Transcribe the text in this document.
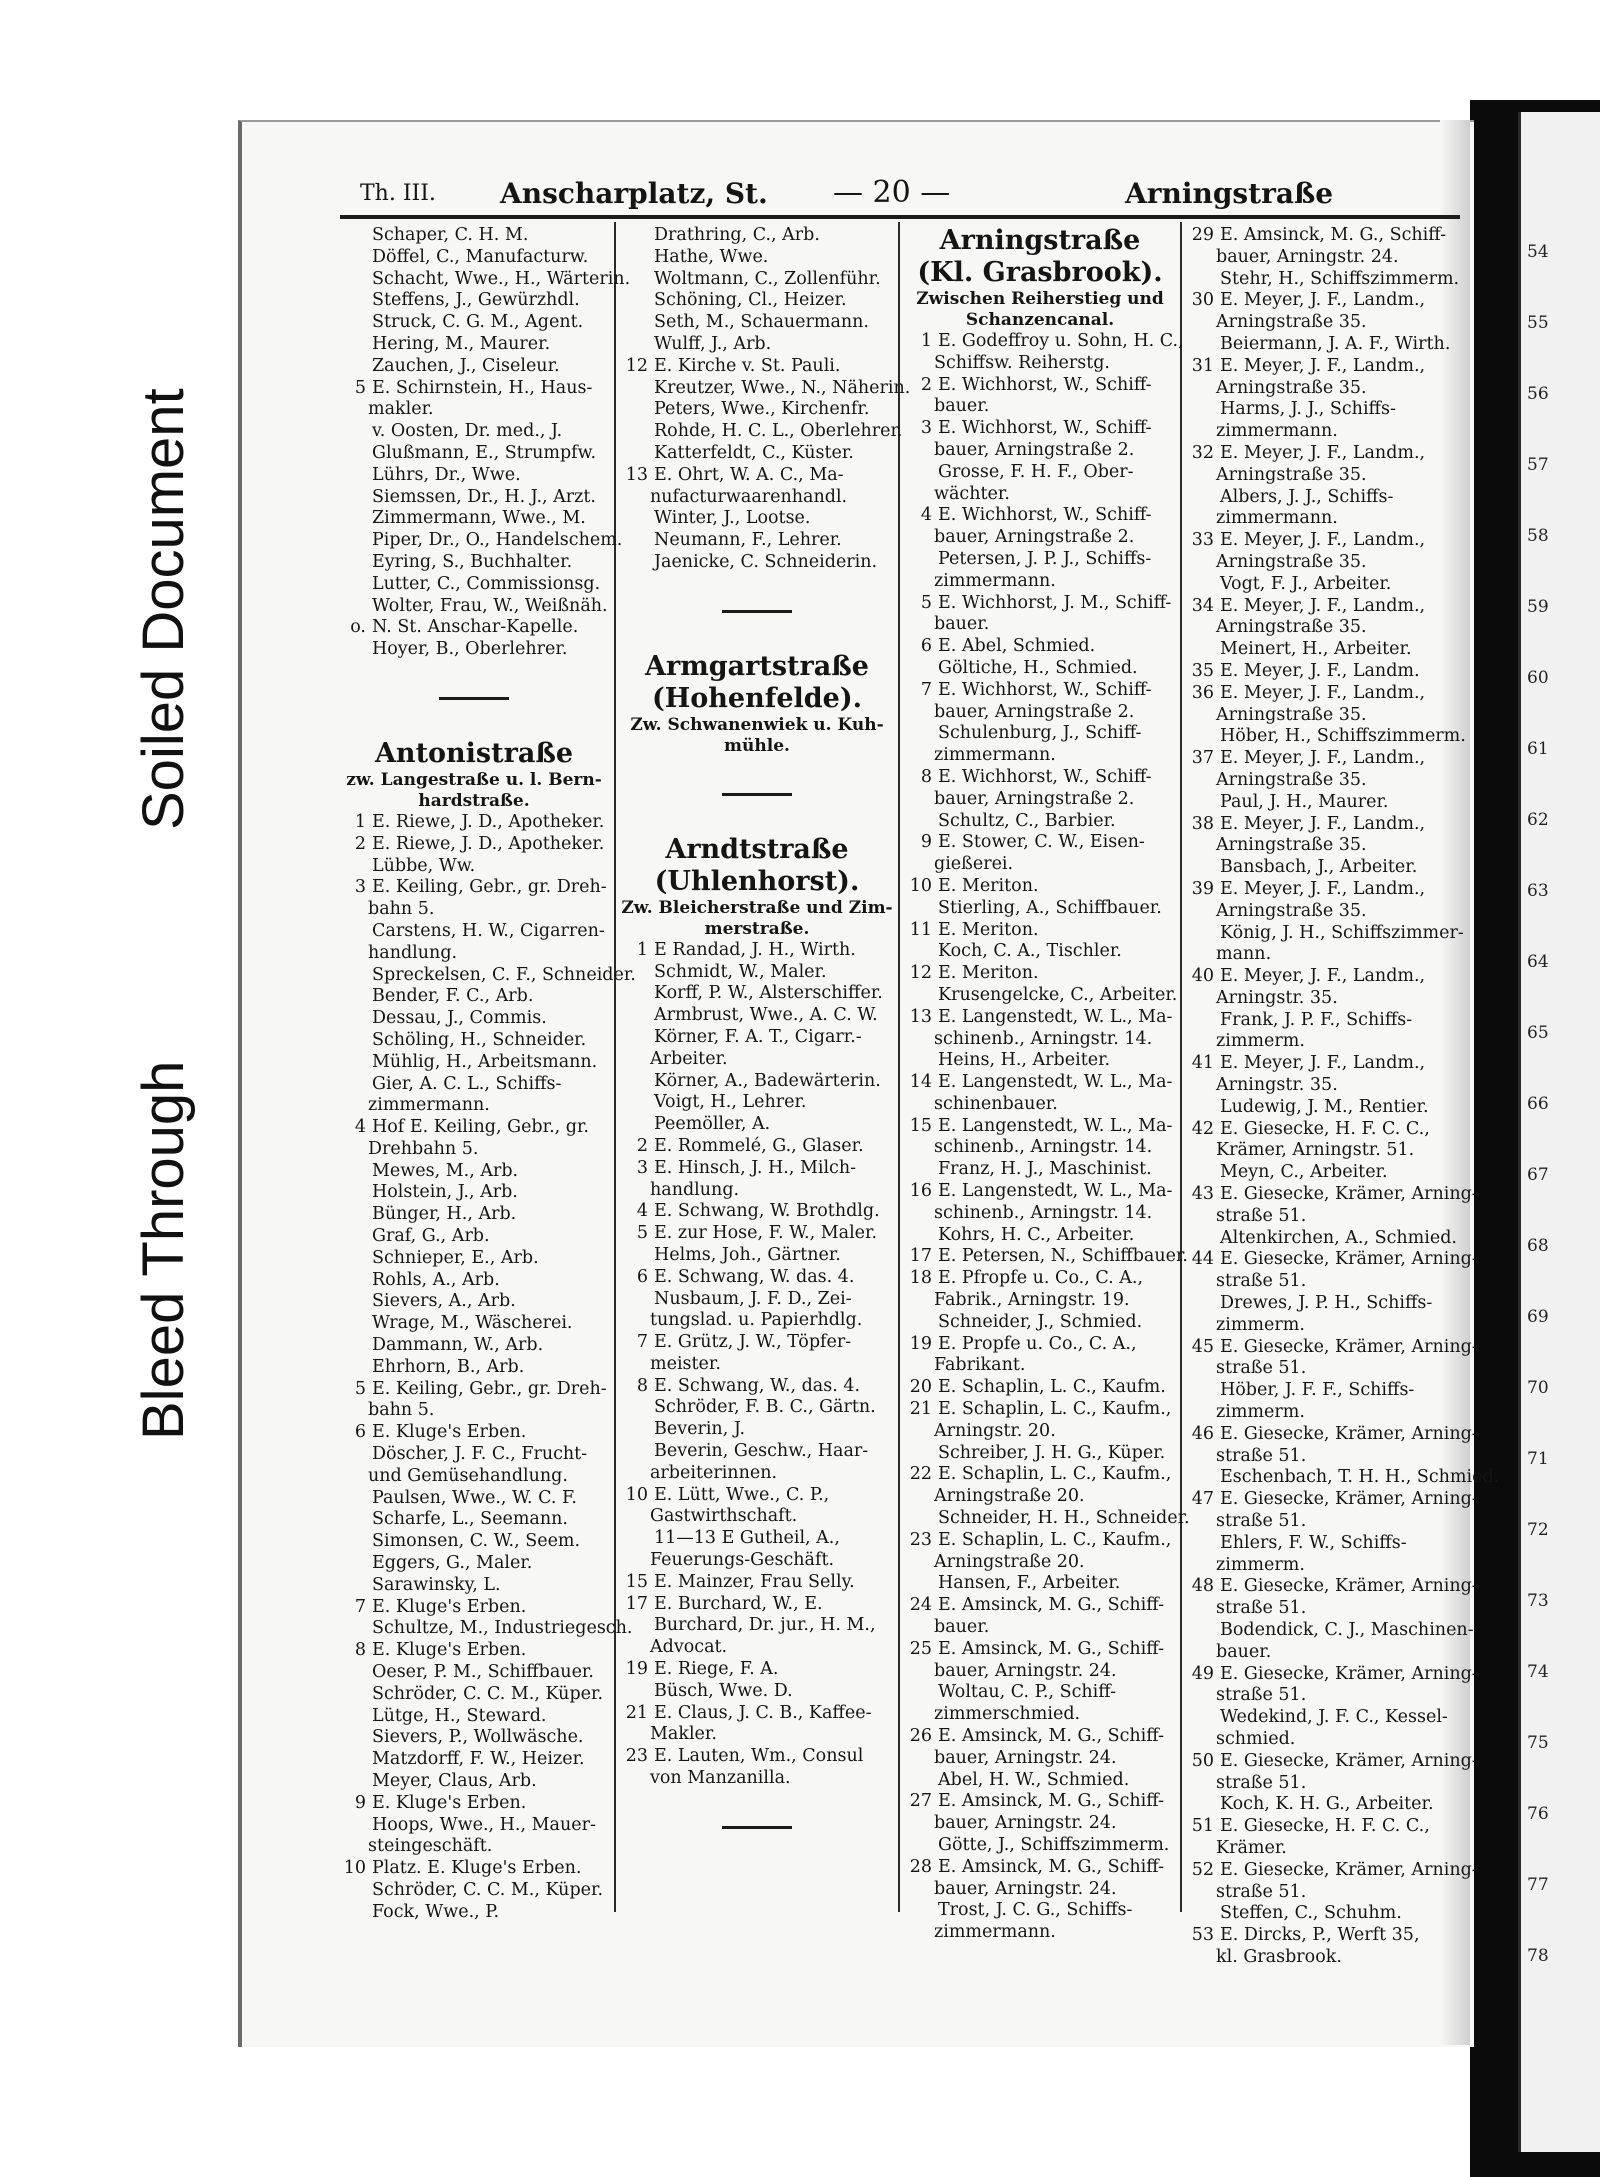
Bleed Through
Soiled Document
54
55
56
57
58
59
60
61
62
63
64
65
66
67
68
69
70
71
72
73
74
75
76
77
78
Th. III. Anscharplatz, St. — 20 —	Arningstraße
Schaper, C. H. M.
Döffel, C., Manufacturw.
Schacht, Wwe., H., Wärterin.
Steffens, J., Gewürzhdl.
Struck, C. G. M., Agent.
Hering, M., Maurer.
Zauchen, J., Ciseleur.
5 E. Schirnstein, H., Haus-
makler.
v. Oosten, Dr. med., J.
Glußmann, E., Strumpfw.
Lührs, Dr., Wwe.
Siemssen, Dr., H. J., Arzt.
Zimmermann, Wwe., M.
Piper, Dr., O., Handelschem.
Eyring, S., Buchhalter.
Lutter, C., Commissionsg.
Wolter, Frau, W., Weißnäh.
o. N. St. Anschar-Kapelle.
Hoyer, B., Oberlehrer.
Antonistraße
zw. Langestraße u. l. Bern-
hardstraße.
1 E. Riewe, J. D., Apotheker.
2 E. Riewe, J. D., Apotheker.
Lübbe, Ww.
3 E. Keiling, Gebr., gr. Dreh-
bahn 5.
Carstens, H. W., Cigarren-
handlung.
Spreckelsen, C. F., Schneider.
Bender, F. C., Arb.
Dessau, J., Commis.
Schöling, H., Schneider.
Mühlig, H., Arbeitsmann.
Gier, A. C. L., Schiffs-
zimmermann.
4 Hof E. Keiling, Gebr., gr.
Drehbahn 5.
Mewes, M., Arb.
Holstein, J., Arb.
Bünger, H., Arb.
Graf, G., Arb.
Schnieper, E., Arb.
Rohls, A., Arb.
Sievers, A., Arb.
Wrage, M., Wäscherei.
Dammann, W., Arb.
Ehrhorn, B., Arb.
5 E. Keiling, Gebr., gr. Dreh-
bahn 5.
6 E. Kluge's Erben.
Döscher, J. F. C., Frucht-
und Gemüsehandlung.
Paulsen, Wwe., W. C. F.
Scharfe, L., Seemann.
Simonsen, C. W., Seem.
Eggers, G., Maler.
Sarawinsky, L.
7 E. Kluge's Erben.
Schultze, M., Industriegesch.
8 E. Kluge's Erben.
Oeser, P. M., Schiffbauer.
Schröder, C. C. M., Küper.
Lütge, H., Steward.
Sievers, P., Wollwäsche.
Matzdorff, F. W., Heizer.
Meyer, Claus, Arb.
9 E. Kluge's Erben.
Hoops, Wwe., H., Mauer-
steingeschäft.
10 Platz. E. Kluge's Erben.
Schröder, C. C. M., Küper.
Fock, Wwe., P.
Drathring, C., Arb.
Hathe, Wwe.
Woltmann, C., Zollenführ.
Schöning, Cl., Heizer.
Seth, M., Schauermann.
Wulff, J., Arb.
12 E. Kirche v. St. Pauli.
Kreutzer, Wwe., N., Näherin.
Peters, Wwe., Kirchenfr.
Rohde, H. C. L., Oberlehrer.
Katterfeldt, C., Küster.
13 E. Ohrt, W. A. C., Ma-
nufacturwaarenhandl.
Winter, J., Lootse.
Neumann, F., Lehrer.
Jaenicke, C. Schneiderin.
Armgartstraße
(Hohenfelde).
Zw. Schwanenwiek u. Kuh-
mühle.
Arndtstraße
(Uhlenhorst).
Zw. Bleicherstraße und Zim-
merstraße.
1 E Randad, J. H., Wirth.
Schmidt, W., Maler.
Korff, P. W., Alsterschiffer.
Armbrust, Wwe., A. C. W.
Körner, F. A. T., Cigarr.-
Arbeiter.
Körner, A., Badewärterin.
Voigt, H., Lehrer.
Peemöller, A.
2 E. Rommelé, G., Glaser.
3 E. Hinsch, J. H., Milch-
handlung.
4 E. Schwang, W. Brothdlg.
5 E. zur Hose, F. W., Maler.
Helms, Joh., Gärtner.
6 E. Schwang, W. das. 4.
Nusbaum, J. F. D., Zei-
tungslad. u. Papierhdlg.
7 E. Grütz, J. W., Töpfer-
meister.
8 E. Schwang, W., das. 4.
Schröder, F. B. C., Gärtn.
Beverin, J.
Beverin, Geschw., Haar-
arbeiterinnen.
10 E. Lütt, Wwe., C. P.,
Gastwirthschaft.
11—13 E Gutheil, A.,
Feuerungs-Geschäft.
15 E. Mainzer, Frau Selly.
17 E. Burchard, W., E.
Burchard, Dr. jur., H. M.,
Advocat.
19 E. Riege, F. A.
Büsch, Wwe. D.
21 E. Claus, J. C. B., Kaffee-
Makler.
23 E. Lauten, Wm., Consul
von Manzanilla.
Arningstraße
(Kl. Grasbrook).
Zwischen Reiherstieg und
Schanzencanal.
1 E. Godeffroy u. Sohn, H. C.,
Schiffsw. Reiherstg.
2 E. Wichhorst, W., Schiff-
bauer.
3 E. Wichhorst, W., Schiff-
bauer, Arningstraße 2.
Grosse, F. H. F., Ober-
wächter.
4 E. Wichhorst, W., Schiff-
bauer, Arningstraße 2.
Petersen, J. P. J., Schiffs-
zimmermann.
5 E. Wichhorst, J. M., Schiff-
bauer.
6 E. Abel, Schmied.
Göltiche, H., Schmied.
7 E. Wichhorst, W., Schiff-
bauer, Arningstraße 2.
Schulenburg, J., Schiff-
zimmermann.
8 E. Wichhorst, W., Schiff-
bauer, Arningstraße 2.
Schultz, C., Barbier.
9 E. Stower, C. W., Eisen-
gießerei.
10 E. Meriton.
Stierling, A., Schiffbauer.
11 E. Meriton.
Koch, C. A., Tischler.
12 E. Meriton.
Krusengelcke, C., Arbeiter.
13 E. Langenstedt, W. L., Ma-
schinenb., Arningstr. 14.
Heins, H., Arbeiter.
14 E. Langenstedt, W. L., Ma-
schinenbauer.
15 E. Langenstedt, W. L., Ma-
schinenb., Arningstr. 14.
Franz, H. J., Maschinist.
16 E. Langenstedt, W. L., Ma-
schinenb., Arningstr. 14.
Kohrs, H. C., Arbeiter.
17 E. Petersen, N., Schiffbauer.
18 E. Pfropfe u. Co., C. A.,
Fabrik., Arningstr. 19.
Schneider, J., Schmied.
19 E. Propfe u. Co., C. A.,
Fabrikant.
20 E. Schaplin, L. C., Kaufm.
21 E. Schaplin, L. C., Kaufm.,
Arningstr. 20.
Schreiber, J. H. G., Küper.
22 E. Schaplin, L. C., Kaufm.,
Arningstraße 20.
Schneider, H. H., Schneider.
23 E. Schaplin, L. C., Kaufm.,
Arningstraße 20.
Hansen, F., Arbeiter.
24 E. Amsinck, M. G., Schiff-
bauer.
25 E. Amsinck, M. G., Schiff-
bauer, Arningstr. 24.
Woltau, C. P., Schiff-
zimmerschmied.
26 E. Amsinck, M. G., Schiff-
bauer, Arningstr. 24.
Abel, H. W., Schmied.
27 E. Amsinck, M. G., Schiff-
bauer, Arningstr. 24.
Götte, J., Schiffszimmerm.
28 E. Amsinck, M. G., Schiff-
bauer, Arningstr. 24.
Trost, J. C. G., Schiffs-
zimmermann.
29 E. Amsinck, M. G., Schiff-
bauer, Arningstr. 24.
Stehr, H., Schiffszimmerm.
30 E. Meyer, J. F., Landm.,
Arningstraße 35.
Beiermann, J. A. F., Wirth.
31 E. Meyer, J. F., Landm.,
Arningstraße 35.
Harms, J. J., Schiffs-
zimmermann.
32 E. Meyer, J. F., Landm.,
Arningstraße 35.
Albers, J. J., Schiffs-
zimmermann.
33 E. Meyer, J. F., Landm.,
Arningstraße 35.
Vogt, F. J., Arbeiter.
34 E. Meyer, J. F., Landm.,
Arningstraße 35.
Meinert, H., Arbeiter.
35 E. Meyer, J. F., Landm.
36 E. Meyer, J. F., Landm.,
Arningstraße 35.
Höber, H., Schiffszimmerm.
37 E. Meyer, J. F., Landm.,
Arningstraße 35.
Paul, J. H., Maurer.
38 E. Meyer, J. F., Landm.,
Arningstraße 35.
Bansbach, J., Arbeiter.
39 E. Meyer, J. F., Landm.,
Arningstraße 35.
König, J. H., Schiffszimmer-
mann.
40 E. Meyer, J. F., Landm.,
Arningstr. 35.
Frank, J. P. F., Schiffs-
zimmerm.
41 E. Meyer, J. F., Landm.,
Arningstr. 35.
Ludewig, J. M., Rentier.
42 E. Giesecke, H. F. C. C.,
Krämer, Arningstr. 51.
Meyn, C., Arbeiter.
43 E. Giesecke, Krämer, Arning-
straße 51.
Altenkirchen, A., Schmied.
44 E. Giesecke, Krämer, Arning-
straße 51.
Drewes, J. P. H., Schiffs-
zimmerm.
45 E. Giesecke, Krämer, Arning-
straße 51.
Höber, J. F. F., Schiffs-
zimmerm.
46 E. Giesecke, Krämer, Arning-
straße 51.
Eschenbach, T. H. H., Schmied.
47 E. Giesecke, Krämer, Arning-
straße 51.
Ehlers, F. W., Schiffs-
zimmerm.
48 E. Giesecke, Krämer, Arning-
straße 51.
Bodendick, C. J., Maschinen-
bauer.
49 E. Giesecke, Krämer, Arning-
straße 51.
Wedekind, J. F. C., Kessel-
schmied.
50 E. Giesecke, Krämer, Arning-
straße 51.
Koch, K. H. G., Arbeiter.
51 E. Giesecke, H. F. C. C.,
Krämer.
52 E. Giesecke, Krämer, Arning-
straße 51.
Steffen, C., Schuhm.
53 E. Dircks, P., Werft 35,
kl. Grasbrook.
